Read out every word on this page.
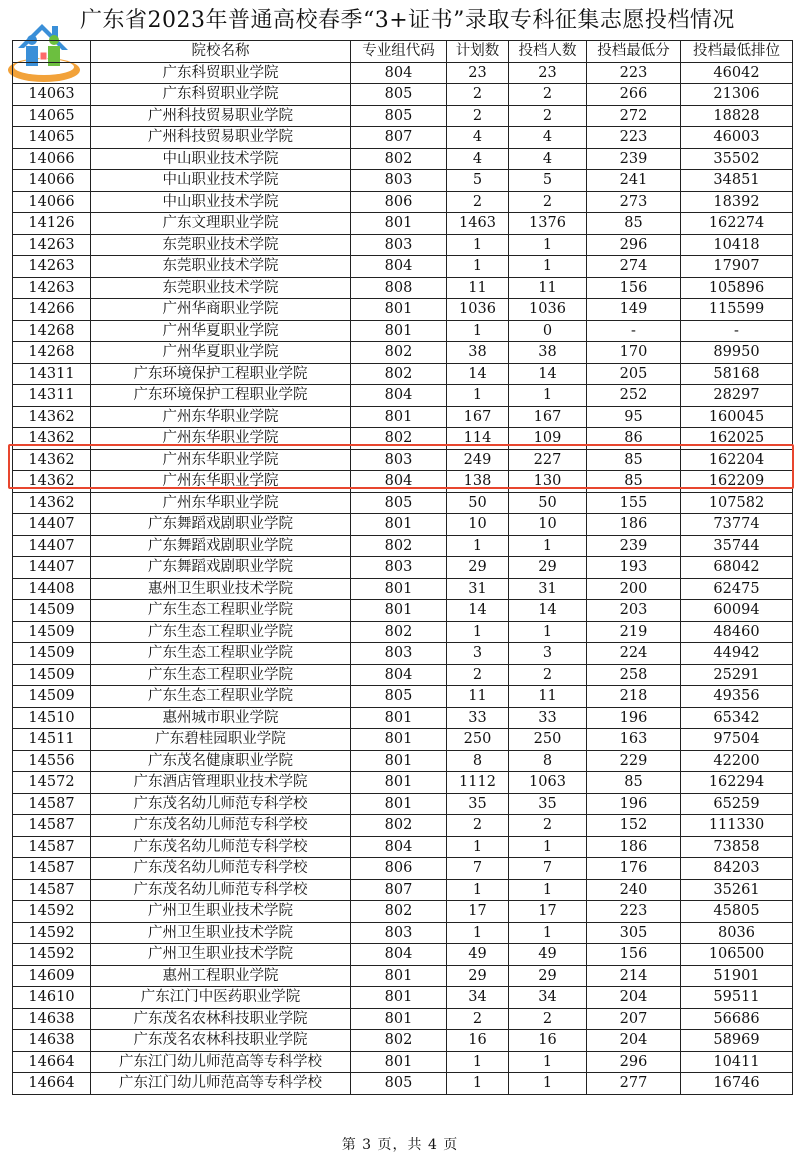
广东省2023年普通高校春季“3+证书”录取专科征集志愿投档情况
	院校名称	专业组代码	计划数	投档人数	投档最低分	投档最低排位
	广东科贸职业学院	804	23	23	223	46042
14063	广东科贸职业学院	805	2	2	266	21306
14065	广州科技贸易职业学院	805	2	2	272	18828
14065	广州科技贸易职业学院	807	4	4	223	46003
14066	中山职业技术学院	802	4	4	239	35502
14066	中山职业技术学院	803	5	5	241	34851
14066	中山职业技术学院	806	2	2	273	18392
14126	广东文理职业学院	801	1463	1376	85	162274
14263	东莞职业技术学院	803	1	1	296	10418
14263	东莞职业技术学院	804	1	1	274	17907
14263	东莞职业技术学院	808	11	11	156	105896
14266	广州华商职业学院	801	1036	1036	149	115599
14268	广州华夏职业学院	801	1	0	-	-
14268	广州华夏职业学院	802	38	38	170	89950
14311	广东环境保护工程职业学院	802	14	14	205	58168
14311	广东环境保护工程职业学院	804	1	1	252	28297
14362	广州东华职业学院	801	167	167	95	160045
14362	广州东华职业学院	802	114	109	86	162025
14362	广州东华职业学院	803	249	227	85	162204
14362	广州东华职业学院	804	138	130	85	162209
14362	广州东华职业学院	805	50	50	155	107582
14407	广东舞蹈戏剧职业学院	801	10	10	186	73774
14407	广东舞蹈戏剧职业学院	802	1	1	239	35744
14407	广东舞蹈戏剧职业学院	803	29	29	193	68042
14408	惠州卫生职业技术学院	801	31	31	200	62475
14509	广东生态工程职业学院	801	14	14	203	60094
14509	广东生态工程职业学院	802	1	1	219	48460
14509	广东生态工程职业学院	803	3	3	224	44942
14509	广东生态工程职业学院	804	2	2	258	25291
14509	广东生态工程职业学院	805	11	11	218	49356
14510	惠州城市职业学院	801	33	33	196	65342
14511	广东碧桂园职业学院	801	250	250	163	97504
14556	广东茂名健康职业学院	801	8	8	229	42200
14572	广东酒店管理职业技术学院	801	1112	1063	85	162294
14587	广东茂名幼儿师范专科学校	801	35	35	196	65259
14587	广东茂名幼儿师范专科学校	802	2	2	152	111330
14587	广东茂名幼儿师范专科学校	804	1	1	186	73858
14587	广东茂名幼儿师范专科学校	806	7	7	176	84203
14587	广东茂名幼儿师范专科学校	807	1	1	240	35261
14592	广州卫生职业技术学院	802	17	17	223	45805
14592	广州卫生职业技术学院	803	1	1	305	8036
14592	广州卫生职业技术学院	804	49	49	156	106500
14609	惠州工程职业学院	801	29	29	214	51901
14610	广东江门中医药职业学院	801	34	34	204	59511
14638	广东茂名农林科技职业学院	801	2	2	207	56686
14638	广东茂名农林科技职业学院	802	16	16	204	58969
14664	广东江门幼儿师范高等专科学校	801	1	1	296	10411
14664	广东江门幼儿师范高等专科学校	805	1	1	277	16746
第 3 页，共 4 页
